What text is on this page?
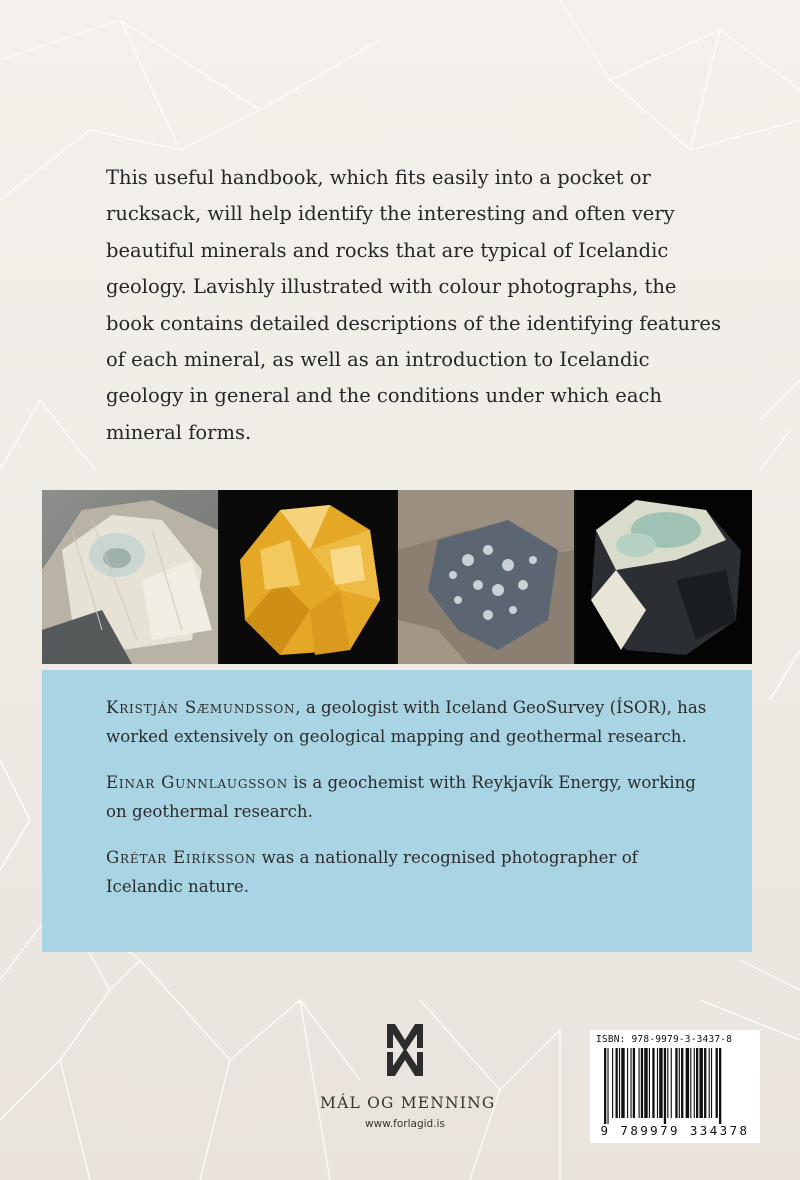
This useful handbook, which fits easily into a pocket or rucksack, will help identify the interesting and often very beautiful minerals and rocks that are typical of Icelandic geology. Lavishly illustrated with colour photographs, the book contains detailed descriptions of the identifying features of each mineral, as well as an introduction to Icelandic geology in general and the conditions under which each mineral forms.

Kristján Sæmundsson, a geologist with Iceland GeoSurvey (ÍSOR), has worked extensively on geological mapping and geothermal research.

Einar Gunnlaugsson is a geochemist with Reykjavík Energy, working on geothermal research.

Grétar Eiríksson was a nationally recognised photographer of Icelandic nature.

MÁL OG MENNING
www.forlagid.is
ISBN: 978-9979-3-3437-8
9 789979 334378
